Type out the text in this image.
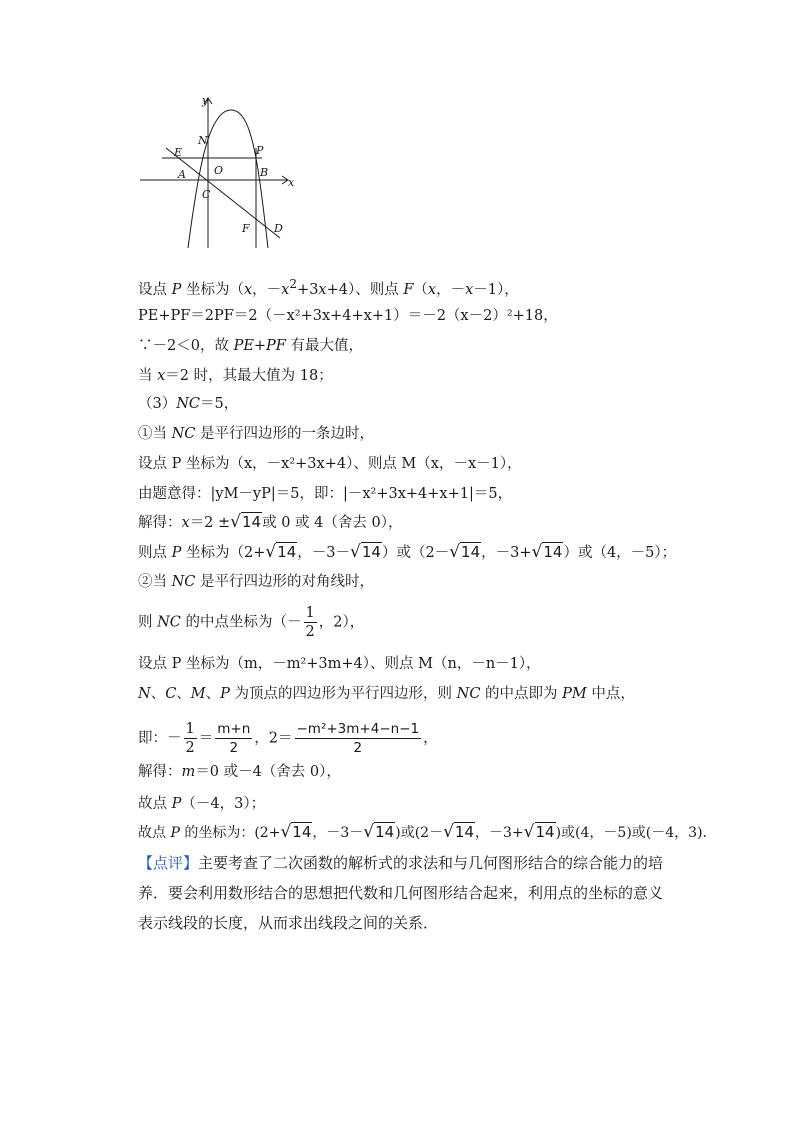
y
x
N
P
E
O
A	B
C
F D
设点 P 坐标为（x，$-x^2+3x+4$）、则点 F（x，－x－1），
PE+PF＝2PF＝2（－x²+3x+4+x+1）＝－2（x－2）²+18，
∵－2＜0，故 PE+PF 有最大值，
当 x＝2 时，其最大值为 18；
（3）NC＝5，
①当 NC 是平行四边形的一条边时，
设点 P 坐标为（x，－x²+3x+4）、则点 M（x，－x－1），
由题意得：|yM－yP|＝5，即：|－x²+3x+4+x+1|＝5，
解得：x＝2 ±√14或 0 或 4（舍去 0），
则点 P 坐标为（2+√14，－3－√14）或（2－√14，－3+√14）或（4，－5）；
②当 NC 是平行四边形的对角线时，
则 NC 的中点坐标为（－ $\frac{1}{2}$ ，2），
设点 P 坐标为（m，－m²+3m+4）、则点 M（n，－n－1），
N、C、M、P 为顶点的四边形为平行四边形，则 NC 的中点即为 PM 中点，
即：－ $\frac{1}{2} = \frac{m+n}{2}$ ，$2= \frac{\text{−m²+3m+4−n−1}}{2}$ ，
解得：m＝0 或－4（舍去 0），
故点 P（－4，3）；
故点 P 的坐标为：(2+√14，－3－√14)或(2－√14，－3+√14)或(4，－5)或(－4，3)．
【点评】主要考查了二次函数的解析式的求法和与几何图形结合的综合能力的培养．要会利用数形结合的思想把代数和几何图形结合起来，利用点的坐标的意义表示线段的长度，从而求出线段之间的关系．
